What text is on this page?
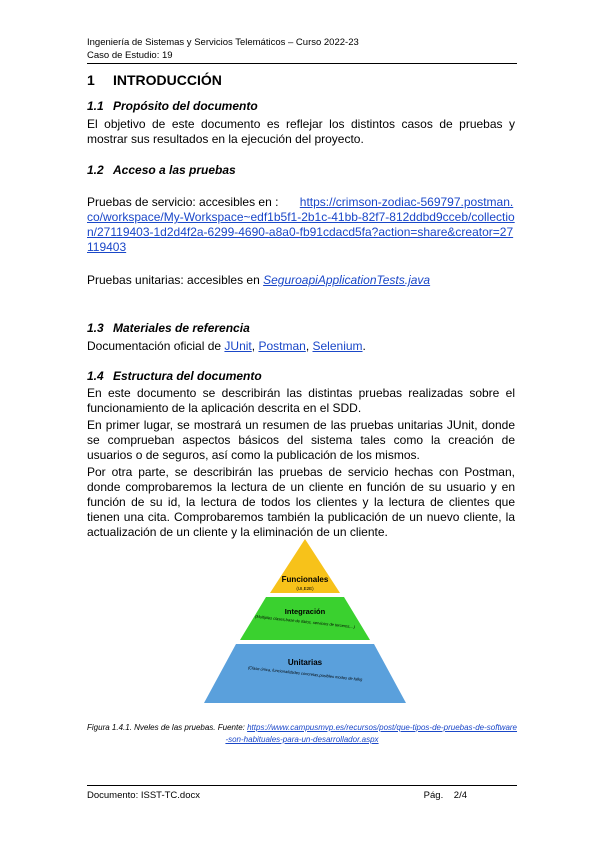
Ingeniería de Sistemas y Servicios Telemáticos – Curso 2022-23
Caso de Estudio: 19
1 INTRODUCCIÓN
1.1 Propósito del documento
El objetivo de este documento es reflejar los distintos casos de pruebas y mostrar sus resultados en la ejecución del proyecto.
1.2 Acceso a las pruebas
Pruebas de servicio: accesibles en : https://crimson-zodiac-569797.postman.co/workspace/My-Workspace~edf1b5f1-2b1c-41bb-82f7-812ddbd9cceb/collection/27119403-1d2d4f2a-6299-4690-a8a0-fb91cdacd5fa?action=share&creator=27119403
Pruebas unitarias: accesibles en SeguroapiApplicationTests.java
1.3 Materiales de referencia
Documentación oficial de JUnit, Postman, Selenium.
1.4 Estructura del documento
En este documento se describirán las distintas pruebas realizadas sobre el funcionamiento de la aplicación descrita en el SDD.
En primer lugar, se mostrará un resumen de las pruebas unitarias JUnit, donde se comprueban aspectos básicos del sistema tales como la creación de usuarios o de seguros, así como la publicación de los mismos.
Por otra parte, se describirán las pruebas de servicio hechas con Postman, donde comprobaremos la lectura de un cliente en función de su usuario y en función de su id, la lectura de todos los clientes y la lectura de clientes que tienen una cita. Comprobaremos también la publicación de un nuevo cliente, la actualización de un cliente y la eliminación de un cliente.
Funcionales
(UI,E2E)
Integración
(Multiples clases,base de datos, servicios de terceros,...)
Unitarias
(Clase única, funcionalidades concretas,posibles modos de fallo)
Figura 1.4.1. Nveles de las pruebas. Fuente: https://www.campusmvp.es/recursos/post/que-tipos-de-pruebas-de-software-son-habituales-para-un-desarrollador.aspx
Documento: ISST-TC.docx	Pág. 2/4
